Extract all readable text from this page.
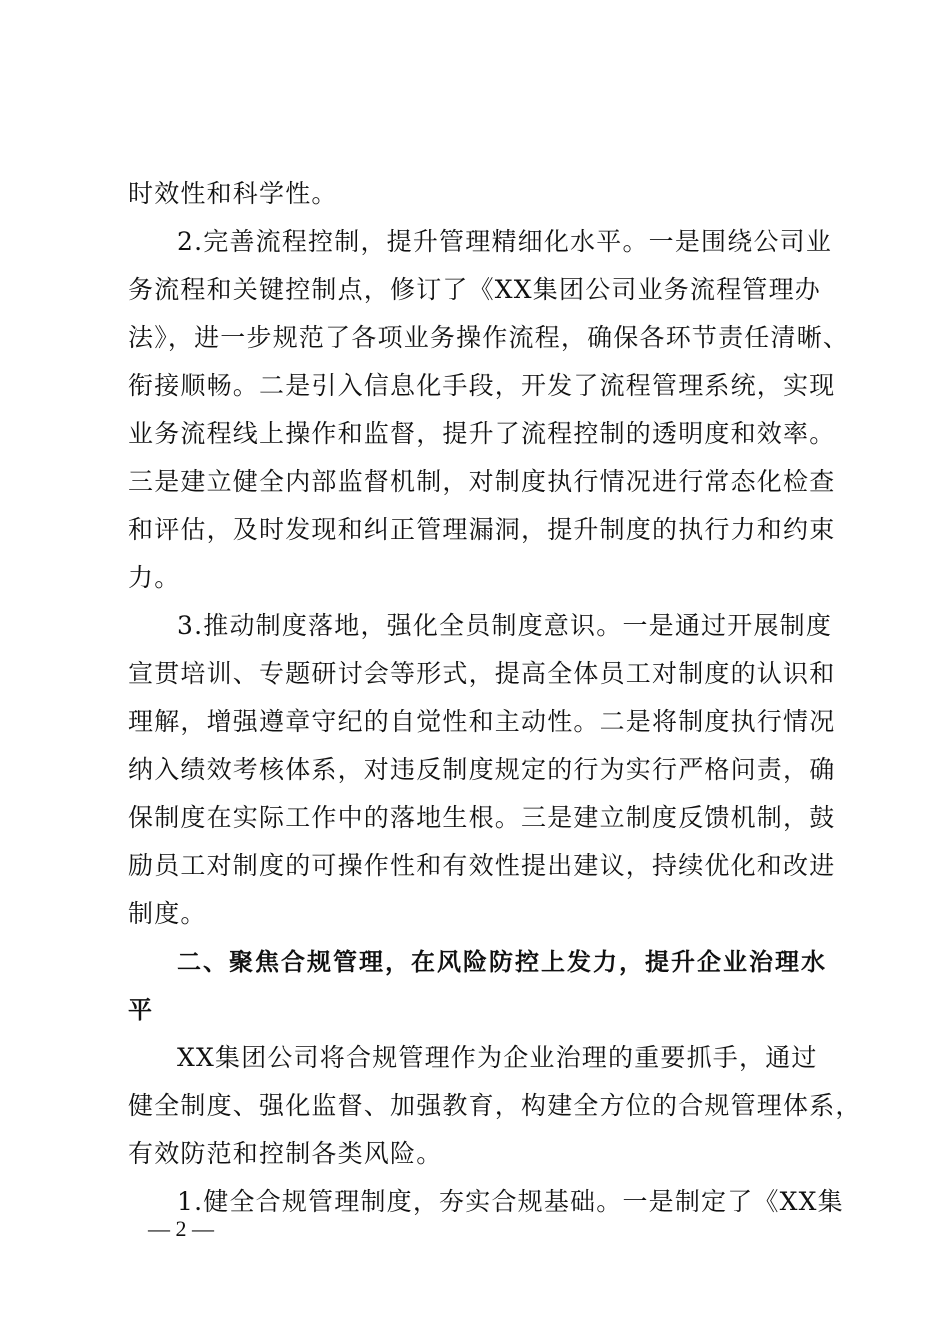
时效性和科学性。
2.完善流程控制，提升管理精细化水平。一是围绕公司业
务流程和关键控制点，修订了《XX集团公司业务流程管理办
法》，进一步规范了各项业务操作流程，确保各环节责任清晰、
衔接顺畅。二是引入信息化手段，开发了流程管理系统，实现
业务流程线上操作和监督，提升了流程控制的透明度和效率。
三是建立健全内部监督机制，对制度执行情况进行常态化检查
和评估，及时发现和纠正管理漏洞，提升制度的执行力和约束
力。
3.推动制度落地，强化全员制度意识。一是通过开展制度
宣贯培训、专题研讨会等形式，提高全体员工对制度的认识和
理解，增强遵章守纪的自觉性和主动性。二是将制度执行情况
纳入绩效考核体系，对违反制度规定的行为实行严格问责，确
保制度在实际工作中的落地生根。三是建立制度反馈机制，鼓
励员工对制度的可操作性和有效性提出建议，持续优化和改进
制度。
二、聚焦合规管理，在风险防控上发力，提升企业治理水
平
XX集团公司将合规管理作为企业治理的重要抓手，通过
健全制度、强化监督、加强教育，构建全方位的合规管理体系，
有效防范和控制各类风险。
1.健全合规管理制度，夯实合规基础。一是制定了《XX集
— 2 —
